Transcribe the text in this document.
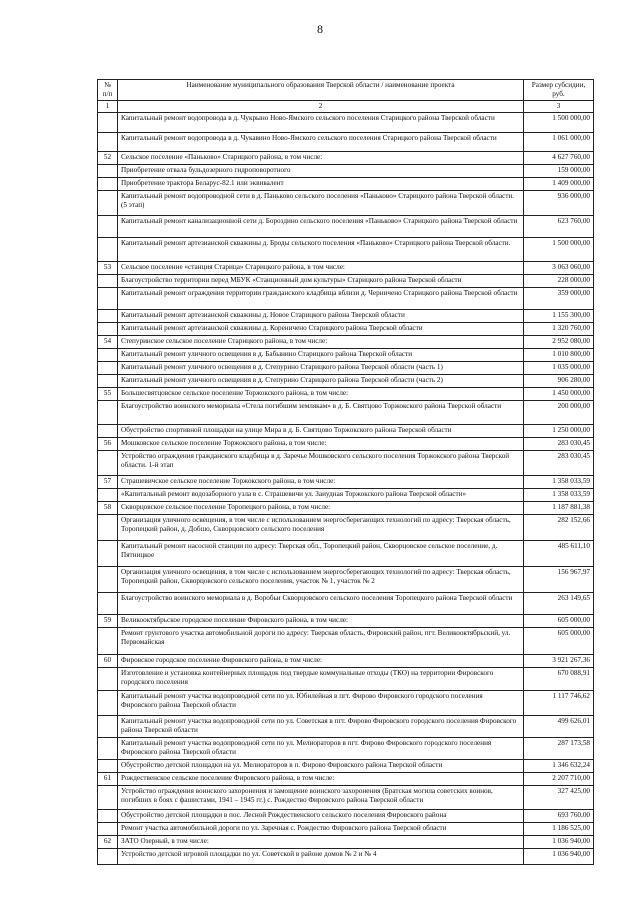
8
№ п/п	Наименование муниципального образования Тверской области / наименование проекта	Размер субсидии, руб.
1	2	3
	Капитальный ремонт водопровода в д. Чукрыно Ново-Ямского сельского поселения Старицкого района Тверской области	1 500 000,00
	Капитальный ремонт водопровода в д. Чукавино Ново-Ямского сельского поселения Старицкого района Тверской области	1 061 000,00
52	Сельское поселение «Паньково» Старицкого района, в том числе:	4 627 760,00
	Приобретение отвала бульдозерного гидроповоротного	159 000,00
	Приобретение трактора Беларус-82.1 или эквивалент	1 409 000,00
	Капитальный ремонт водопроводной сети в д. Паньково сельского поселения «Паньково» Старицкого района Тверской области. (5 этап)	936 000,00
	Капитальный ремонт канализационной сети д. Бороздино сельского поселения «Паньково» Старицкого района Тверской области	623 760,00
	Капитальный ремонт артезианской скважины д. Броды сельского поселения «Паньково» Старицкого района Тверской области.	1 500 000,00
53	Сельское поселение «станция Старица» Старицкого района, в том числе:	3 063 060,00
	Благоустройство территории перед МБУК «Станционный дом культуры» Старицкого района Тверской области	228 000,00
	Капитальный ремонт ограждения территории гражданского кладбища вблизи д. Черничено Старицкого района Тверской области	359 000,00
	Капитальный ремонт артезианской скважины д. Новое Старицкого района Тверской области	1 155 300,00
	Капитальный ремонт артезианской скважины д. Корениченo Старицкого района Тверской области	1 320 760,00
54	Степуринское сельское поселение Старицкого района, в том числе:	2 952 080,00
	Капитальный ремонт уличного освещения в д. Бабынино Старицкого района Тверской области	1 010 800,00
	Капитальный ремонт уличного освещения в д. Степурино Старицкого района Тверской области (часть 1)	1 035 000,00
	Капитальный ремонт уличного освещения в д. Степурино Старицкого района Тверской области (часть 2)	906 280,00
55	Большесвятцовское сельское поселение Торжокского района, в том числе:	1 450 000,00
	Благоустройство воинского мемориала «Стела погибшим землякам» в д. Б. Святцово Торжокского района Тверской области	200 000,00
	Обустройство спортивной площадки на улице Мира в д. Б. Святцово Торжокского района Тверской области	1 250 000,00
56	Мошковское сельское поселение Торжокского района, в том числе:	283 030,45
	Устройство ограждения гражданского кладбища в д. Заречье Мошковского сельского поселения Торжокского района Тверской области. 1-й этап	283 030,45
57	Страшевичское сельское поселение Торжокского района, в том числе:	1 358 033,59
	«Капитальный ремонт водозаборного узла в с. Страшевичи ул. Заиудная Торжокского района Тверской области»	1 358 033,59
58	Скворцовское сельское поселение Торопецкого района, в том числе:	1 187 881,38
	Организация уличного освещения, в том числе с использованием энергосберегающих технологий по адресу: Тверская область, Торопецкий район, д. Добшо, Скворцовского сельского поселения	282 152,66
	Капитальный ремонт насосной станции по адресу: Тверская обл., Торопецкий район, Скворцовское сельское поселение, д. Пятницкое	485 611,10
	Организация уличного освещения, в том числе с использованием энергосберегающих технологий по адресу: Тверская область, Торопецкий район, Скворцовского сельского поселения, участок № 1, участок № 2	156 967,97
	Благоустройство воинского мемориала в д. Воробьи Скворцовского сельского поселения Торопецкого района Тверской области	263 149,65
59	Великооктябрьское городское поселение Фировского района, в том числе:	605 000,00
	Ремонт грунтового участка автомобильной дороги по адресу: Тверская область, Фировский район, пгт. Великооктябрьский, ул. Первомайская	605 000,00
60	Фировское городское поселение Фировского района, в том числе:	3 921 267,36
	Изготовление и установка контейнерных площадок под твердые коммунальные отходы (ТКО) на территории Фировского городского поселения	670 088,91
	Капитальный ремонт участка водопроводной сети по ул. Юбилейная в пгт. Фирово Фировского городского поселения Фировского района Тверской области	1 117 746,62
	Капитальный ремонт участка водопроводной сети по ул. Советская в пгт. Фирово Фировского городского поселения Фировского района Тверской области	499 626,01
	Капитальный ремонт участка водопроводной сети по ул. Мелиораторов в пгт. Фирово Фировского городского поселения Фировского района Тверской области	287 173,58
	Обустройство детской площадки на ул. Мелиораторов в п. Фирово Фировского района Тверской области	1 346 632,24
61	Рождественское сельское поселение Фировского района, в том числе:	2 207 710,00
	Устройство ограждения воинского захоронения и замощение воинского захоронения (Братская могила советских воинов, погибших в боях с фашистами, 1941 – 1945 гг.) с. Рождество Фировского района Тверской области	327 425,00
	Обустройство детской площадки в пос. Лесной Рождественского сельского поселения Фировского района	693 760,00
	Ремонт участка автомобильной дороги по ул. Заречная с. Рождество Фировского района Тверской области	1 186 525,00
62	ЗАТО Озерный, в том числе:	1 036 940,00
	Устройство детской игровой площадки по ул. Советской в районе домов № 2 и № 4	1 036 940,00
